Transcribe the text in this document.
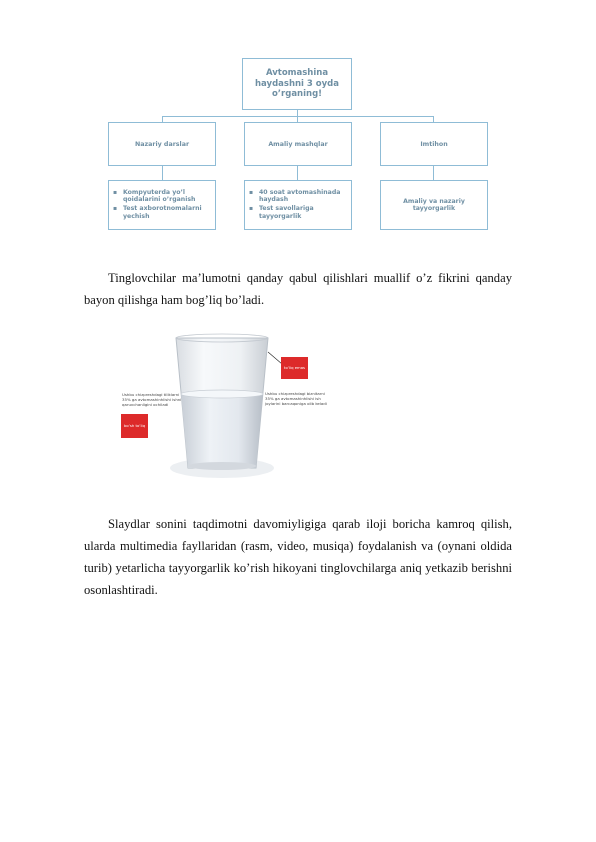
Avtomashina haydashni 3 oyda o’rganing!
Nazariy darslar	Amaliy mashqlar	Imtihon
▪ Kompyuterda yo’l qoidalarini o’rganish
▪ Test axborotnomalarni yechish
▪ 40 soat avtomashinada haydash
▪ Test savollariga tayyorgarlik
Amaliy va nazariy tayyorgarlik

Tinglovchilar ma’lumotni qanday qabul qilishlari muallif o’z fikrini qanday bayon qilishga ham bog’liq bo’ladi.

to’liq emas
Ushbu chizpreshdagi biznitarni 35% ga avtomashinhlishi ish joylarini barcaqoniga olib keladi
Ushbu chizpreshdagi tiliklarni 35% ga avtomashinhlishi ishni qaruvchanligini ochiladi
bo’sh to’liq

Slaydlar sonini taqdimotni davomiyligiga qarab iloji boricha kamroq qilish, ularda multimedia fayllaridan (rasm, video, musiqa) foydalanish va (oynani oldida turib) yetarlicha tayyorgarlik ko’rish hikoyani tinglovchilarga aniq yetkazib berishni osonlashtiradi.
